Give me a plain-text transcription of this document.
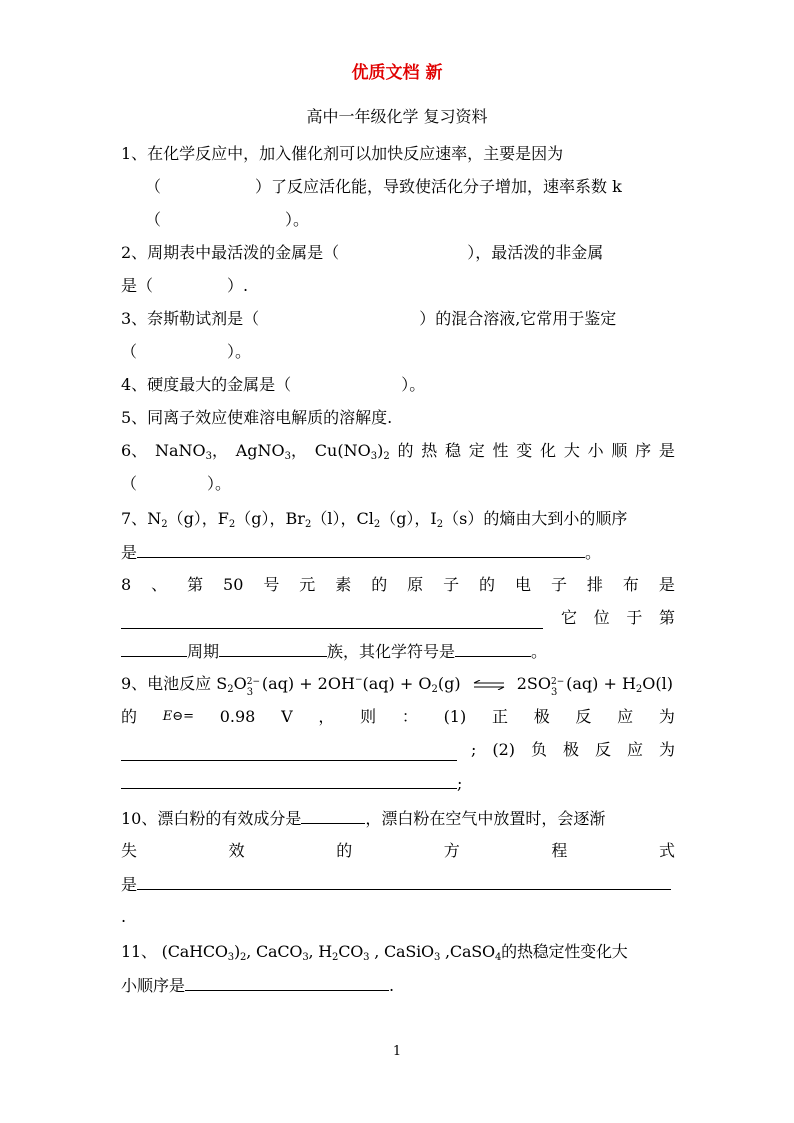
优质文档 新
高中一年级化学 复习资料
1、在化学反应中，加入催化剂可以加快反应速率，主要是因为
（	）了反应活化能，导致使活化分子增加，速率系数 k
（	）。
2、周期表中最活泼的金属是（	），最活泼的非金属
是（	）.
3、奈斯勒试剂是（	）的混合溶液,它常用于鉴定
（	）。
4、硬度最大的金属是（	）。
5、同离子效应使难溶电解质的溶解度.
6、 NaNO$_3$， AgNO$_3$， $Cu(NO_3)_2$ 的 热 稳 定 性 变 化 大 小 顺 序 是
（	）。
7、$N_2(g)$，$F_2(g)$，$Br_2(l)$，$Cl_2(g)$，$I_2(s)$的熵由大到小的顺序
是	。
8 、 第 50 号 元 素 的 原 子 的 电 子 排 布 是
它 位 于 第
周期	族，其化学符号是	。
9、电池反应 $S_2O$ 2−
3 $(aq) + 2OH^-(aq) + O_2(g)$ ⇌ 2SO 2−
3 $(aq) + H_2O(l)$
的 E⊖= 0.98 V ， 则 ： (1) 正 极 反 应 为
; (2) 负 极 反 应 为
;
10、漂白粉的有效成分是	，漂白粉在空气中放置时，会逐渐
失	效	的	方	程	式
是
.
11、 $(CaHCO_3)_2$, CaCO$_3$, $H_2CO_3$ , CaSiO$_3$ ,CaSO$_4$的热稳定性变化大
小顺序是	.
1
